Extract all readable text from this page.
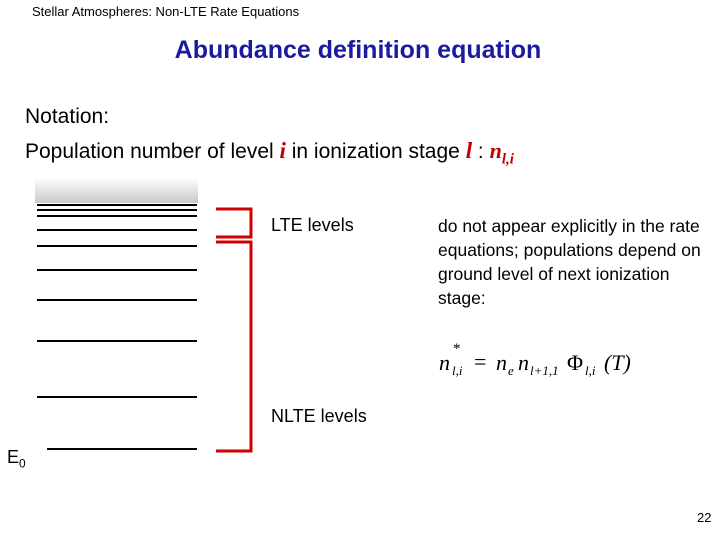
Stellar Atmospheres: Non-LTE Rate Equations
Abundance definition equation
Notation:
Population number of level i in ionization stage l : $n_{l,i}$
LTE levels
NLTE levels
$E_0$
do not appear explicitly in the rate equations; populations depend on ground level of next ionization stage:
n
*
l,i = n e n l+1,1 Φ l,i (T)
22
